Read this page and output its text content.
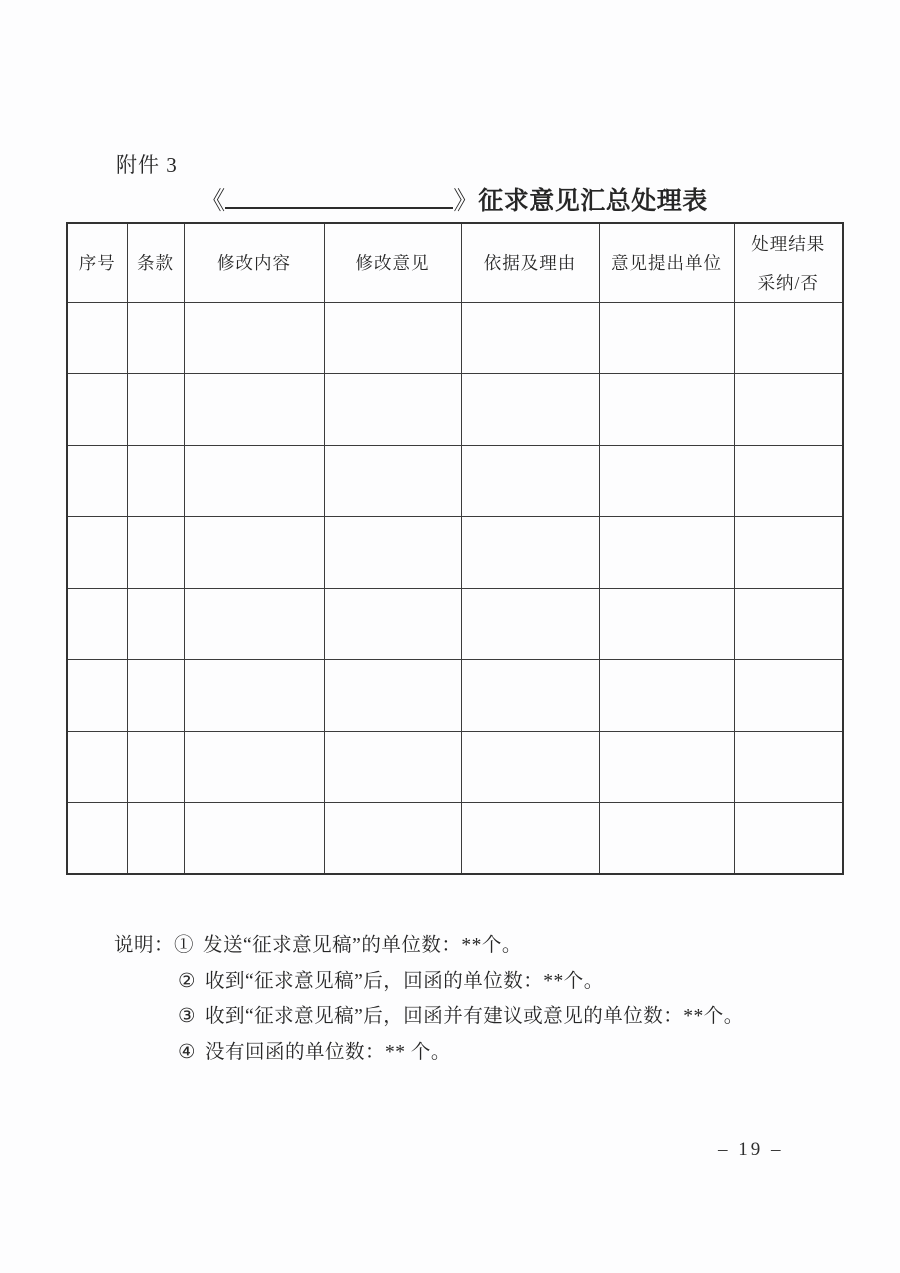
附件 3
《	》征求意见汇总处理表
序号	条款	修改内容	修改意见	依据及理由	意见提出单位	处理结果
采纳/否

说明：① 发送“征求意见稿”的单位数：**个。
② 收到“征求意见稿”后，回函的单位数：**个。
③ 收到“征求意见稿”后，回函并有建议或意见的单位数：**个。
④ 没有回函的单位数：** 个。
– 19 –
